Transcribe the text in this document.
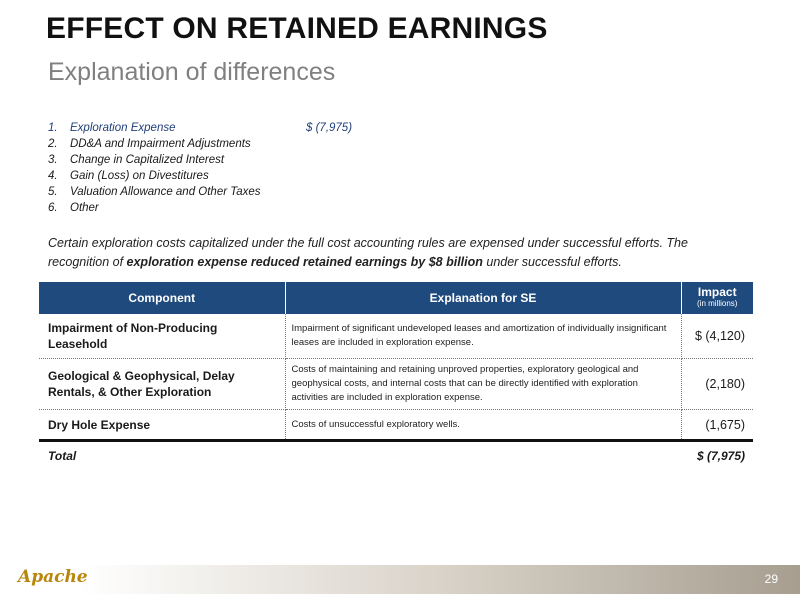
EFFECT ON RETAINED EARNINGS
Explanation of differences
1.	Exploration Expense	$ (7,975)
2.	DD&A and Impairment Adjustments
3.	Change in Capitalized Interest
4.	Gain (Loss) on Divestitures
5.	Valuation Allowance and Other Taxes
6.	Other

Certain exploration costs capitalized under the full cost accounting rules are expensed under successful efforts. The recognition of exploration expense reduced retained earnings by $8 billion under successful efforts.

Component	Explanation for SE	Impact
(in millions)

Impairment of Non-Producing Leasehold	Impairment of significant undeveloped leases and amortization of individually insignificant leases are included in exploration expense.	$ (4,120)
Geological & Geophysical, Delay Rentals, & Other Exploration	Costs of maintaining and retaining unproved properties, exploratory geological and geophysical costs, and internal costs that can be directly identified with exploration activities are included in exploration expense.	(2,180)
Dry Hole Expense	Costs of unsuccessful exploratory wells.	(1,675)
Total		$ (7,975)
Apache	29
